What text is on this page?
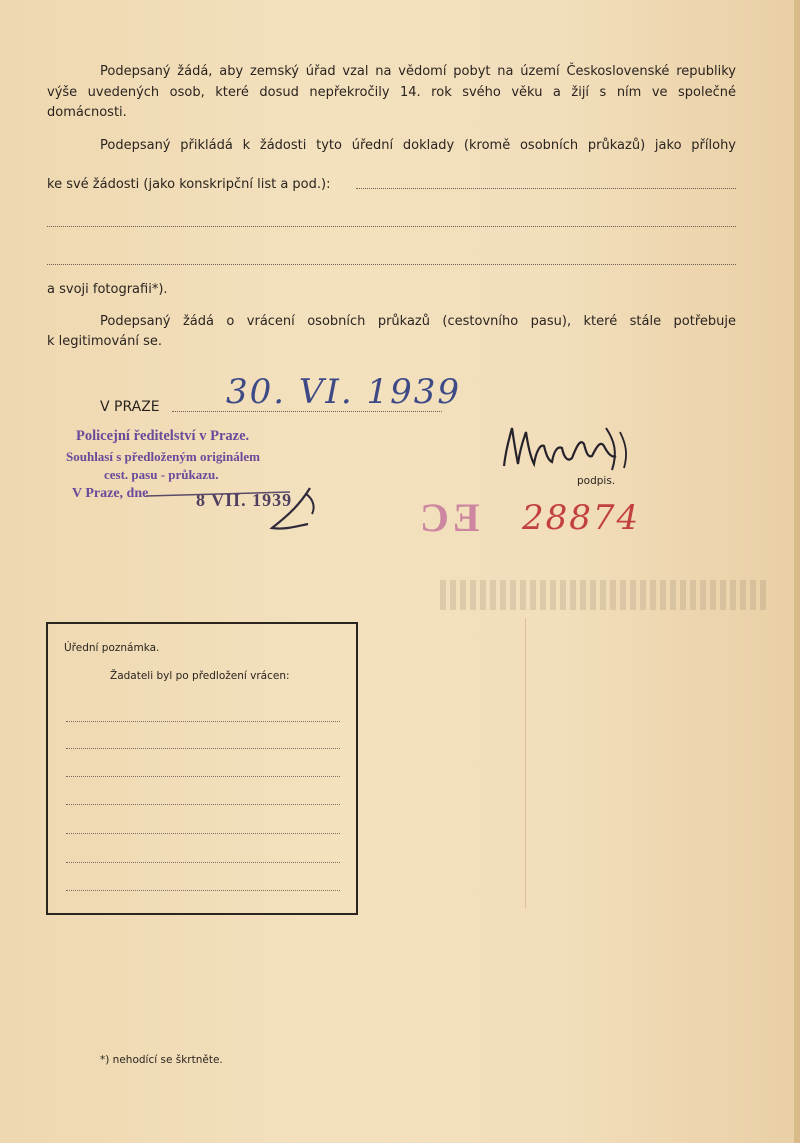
Podepsaný žádá, aby zemský úřad vzal na vědomí pobyt na území Československé republiky
výše uvedených osob, které dosud nepřekročily 14. rok svého věku a žijí s ním ve společné
domácnosti.
Podepsaný přikládá k žádosti tyto úřední doklady (kromě osobních průkazů) jako přílohy
ke své žádosti (jako konskripční list a pod.):
a svoji fotografii*).
Podepsaný žádá o vrácení osobních průkazů (cestovního pasu), které stále potřebuje
k legitimování se.
V PRAZE 30. VI. 1939
Policejní ředitelství v Praze.
Souhlasí s předloženým originálem
cest. pasu - průkazu.
V Praze, dne	8 VII. 1939
podpis.
EC 28874
Úřední poznámka.
Žadateli byl po předložení vrácen:
*) nehodící se škrtněte.
